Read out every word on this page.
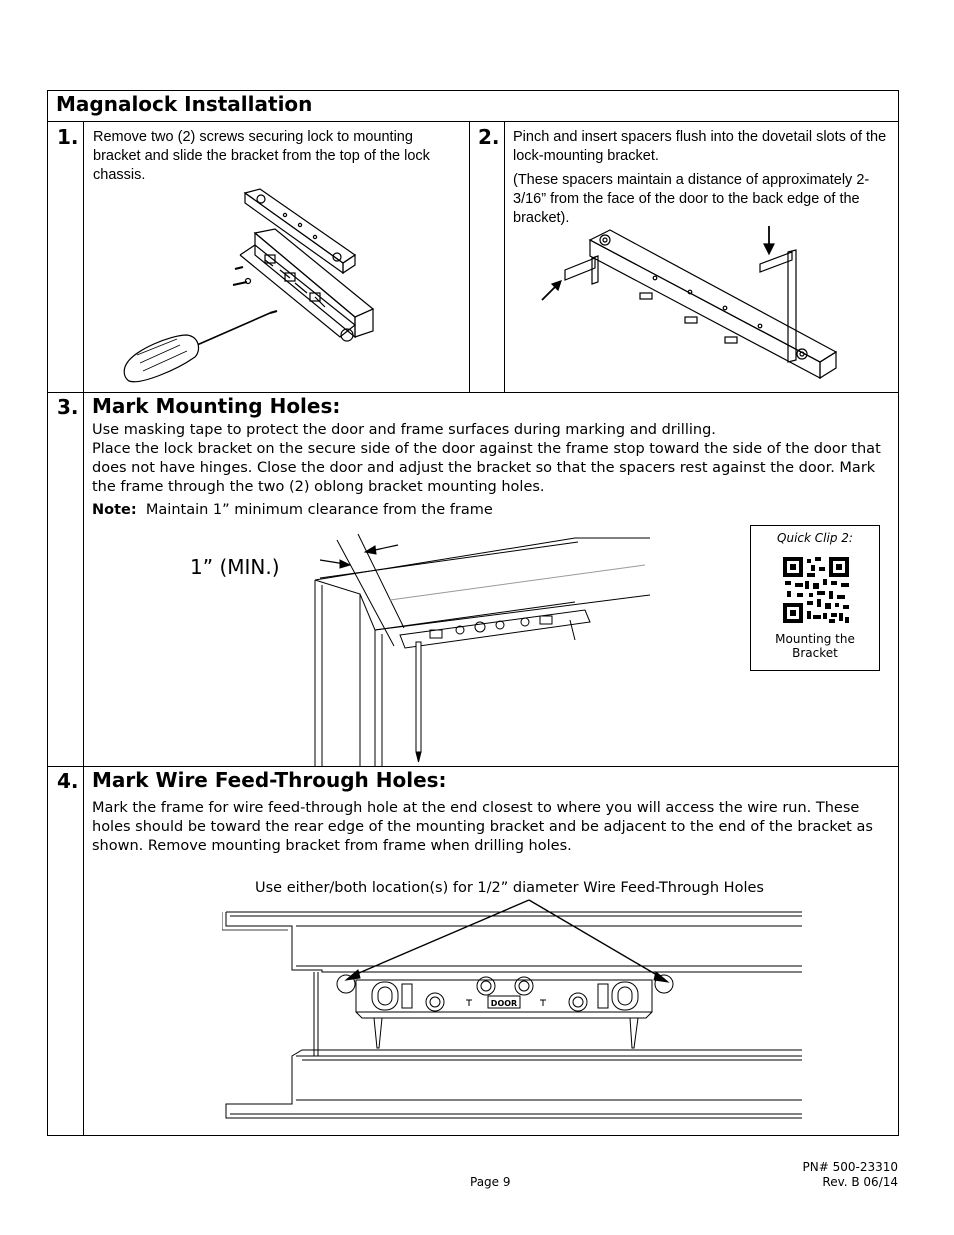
Magnalock Installation
1. Remove two (2) screws securing lock to mounting bracket and slide the bracket from the top of the lock chassis.
2. Pinch and insert spacers flush into the dovetail slots of the lock-mounting bracket.
(These spacers maintain a distance of approximately 2-3/16” from the face of the door to the back edge of the bracket).
3. Mark Mounting Holes:
Use masking tape to protect the door and frame surfaces during marking and drilling.
Place the lock bracket on the secure side of the door against the frame stop toward the side of the door that does not have hinges. Close the door and adjust the bracket so that the spacers rest against the door. Mark the frame through the two (2) oblong bracket mounting holes.
Note: Maintain 1” minimum clearance from the frame
1” (MIN.)
Quick Clip 2:
Mounting the Bracket
4. Mark Wire Feed-Through Holes:
Mark the frame for wire feed-through hole at the end closest to where you will access the wire run. These holes should be toward the rear edge of the mounting bracket and be adjacent to the end of the bracket as shown. Remove mounting bracket from frame when drilling holes.
Use either/both location(s) for 1/2” diameter Wire Feed-Through Holes
DOOR
Page 9
PN# 500-23310
Rev. B 06/14
